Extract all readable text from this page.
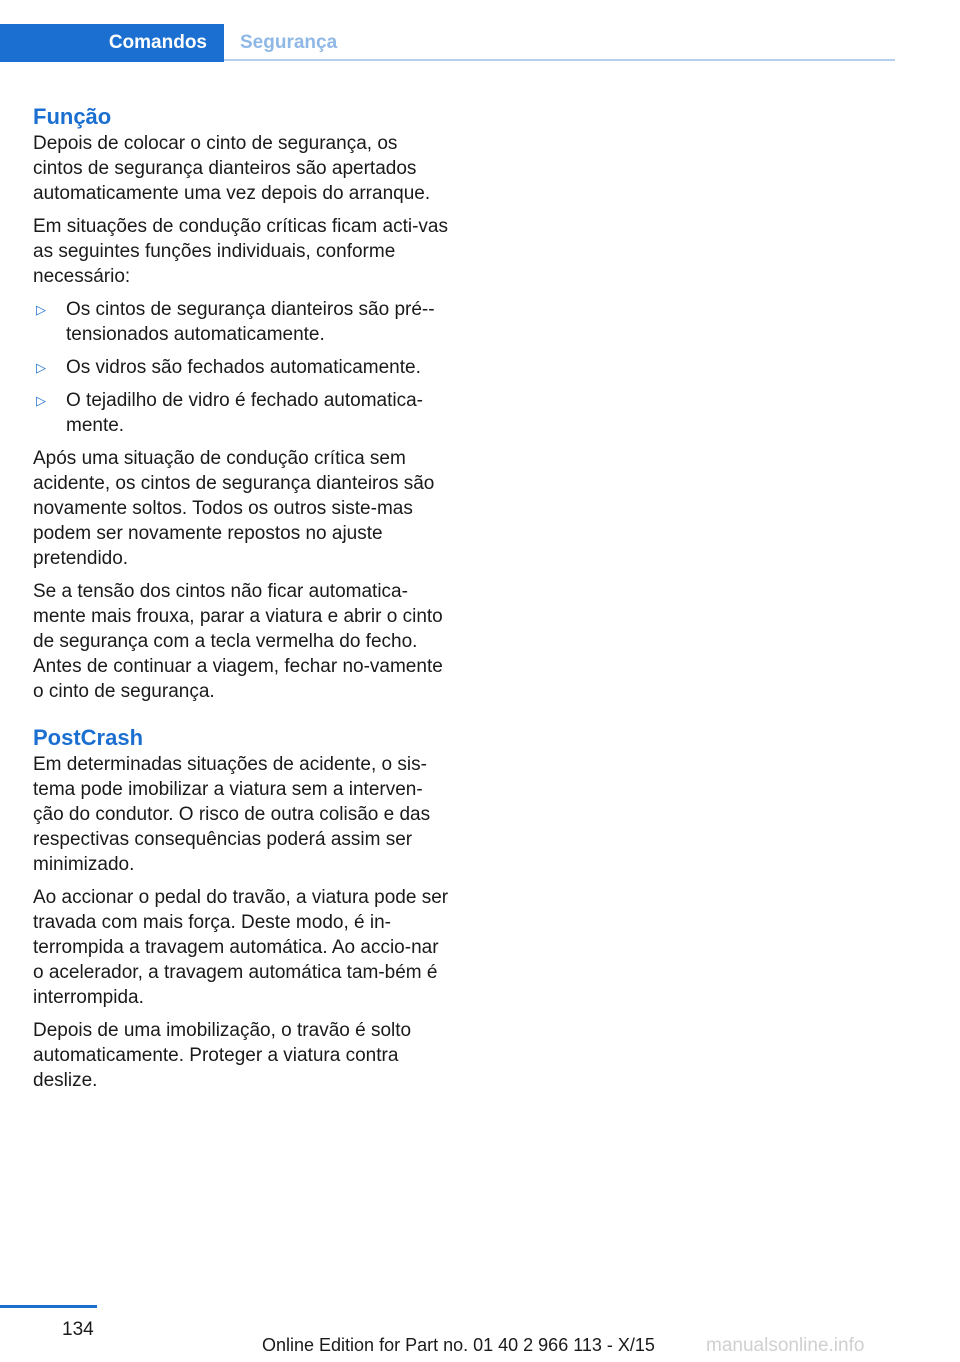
Comandos	Segurança
Função

Depois de colocar o cinto de segurança, os cintos de segurança dianteiros são apertados automaticamente uma vez depois do arranque.

Em situações de condução críticas ficam acti‐vas as seguintes funções individuais, conforme necessário:

▷ Os cintos de segurança dianteiros são pré‐-tensionados automaticamente.
▷ Os vidros são fechados automaticamente.
▷ O tejadilho de vidro é fechado automatica‐mente.

Após uma situação de condução crítica sem acidente, os cintos de segurança dianteiros são novamente soltos. Todos os outros siste‐mas podem ser novamente repostos no ajuste pretendido.

Se a tensão dos cintos não ficar automatica‐mente mais frouxa, parar a viatura e abrir o cinto de segurança com a tecla vermelha do fecho. Antes de continuar a viagem, fechar no‐vamente o cinto de segurança.

PostCrash

Em determinadas situações de acidente, o sis‐tema pode imobilizar a viatura sem a interven‐ção do condutor. O risco de outra colisão e das respectivas consequências poderá assim ser minimizado.

Ao accionar o pedal do travão, a viatura pode ser travada com mais força. Deste modo, é in‐terrompida a travagem automática. Ao accio‐nar o acelerador, a travagem automática tam‐bém é interrompida.

Depois de uma imobilização, o travão é solto automaticamente. Proteger a viatura contra deslize.

134
Online Edition for Part no. 01 40 2 966 113 - X/15	manualsonline.info
